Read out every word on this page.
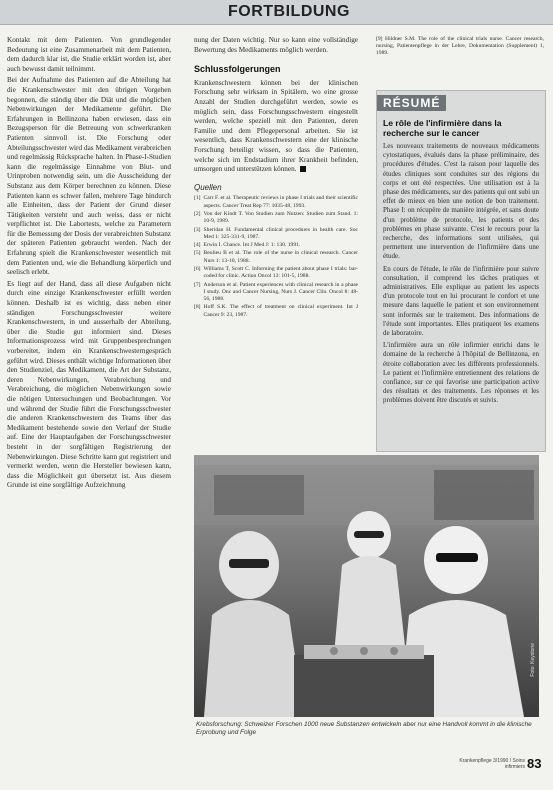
FORTBILDUNG

Kontakt mit dem Patienten. Von grundlegender Bedeutung ist eine Zusammenarbeit mit dem Patienten, dem dadurch klar ist, die Studie erklärt worden ist, aber auch bewusst damit teilnimmt.

Bei der Aufnahme des Patienten auf die Abteilung hat die Krankenschwester mit den übrigen Vorgehen begonnen, die ständig über die Diät und die möglichen Nebenwirkungen der Medikamente geführt. Die Erfahrungen in Bellinzona haben erwiesen, dass ein Bezugsperson für die Betreuung von schwerkranken Patienten sinnvoll ist. Die Forschung oder Abteilungsschwester wird das Medikament verabreichen und regelmässig Rücksprache halten. In Phase-I-Studien kann die regelmässige Einnahme von Blut- und Urinproben notwendig sein, um die Ausscheidung der Substanz aus dem Körper berechnen zu können. Diese Patienten kann es schwer fallen, mehrere Tage hindurch alle Einheiten, dass der Patient der Grund dieser Tätigkeiten versteht und auch weiss, dass er nicht verpflichtet ist. Die Labortests, welche zu Parametern für die Bemessung der Dosis der verabreichten Substanz der späteren Patienten gebraucht werden. Nach der Erfahrung spielt die Krankenschwester wesentlich mit dem Patienten und, wie die Behandlung körperlich und seelisch erlebt.

Es liegt auf der Hand, dass all diese Aufgaben nicht durch eine einzige Krankenschwester erfüllt werden können. Deshalb ist es wichtig, dass neben einer ständigen Forschungsschwester weitere Krankenschwestern, in und ausserhalb der Abteilung, über die Studie gut informiert sind. Dieses Informationsprozess wird mit Gruppenbesprechungen vorbereitet, indem ein Krankenschwesterngespräch geführt wird. Dieses enthält wichtige Informationen über den Studienziel, das Medikament, die Art der Substanz, deren Nebenwirkungen, Verabreichung und Verabreichung, die möglichen Nebenwirkungen sowie die nötigen Untersuchungen und Beobachtungen. Vor und während der Studie führt die Forschungsschwester die anderen Krankenschwestern des Teams über das Medikament bestehende sowie den Verlauf der Studie auf. Eine der Hauptaufgaben der Forschungsschwester besteht in der sorgfältigen Registrierung der Nebenwirkungen. Diese Schritte kann gut registriert und vermerkt werden, wenn die Hersteller bewiesen kann, dass die Möglichkeit gut übersetzt ist. Aus diesem Grunde ist eine sorgfältige Aufzeichnung

nung der Daten wichtig. Nur so kann eine vollständige Bewertung des Medikaments möglich werden.

Schlussfolgerungen

Krankenschwestern können bei der klinischen Forschung sehr wirksam in Spitälern, wo eine grosse Anzahl der Studien durchgeführt werden, sowie es möglich sein, dass Forschungsschwestern eingestellt werden, welche speziell mit den Patienten, deren Familie und dem Pflegepersonal arbeiten. Sie ist wesentlich, dass Krankenschwestern eine der klinische Forschung beteiligt wissen, so dass die Patienten, welche sich im Endstadium ihrer Krankheit befinden, umsorgen und unterstützen können.

Quellen
[1] Carr F. et al. Therapeutic reviews in phase I trials and their scientific aspects. Cancer Treat Rep 77: 1035-48, 1993.
[2] Von der Kindt T. Von Studien zum Nutzen: Studien zum Stand. 1: 10-9, 1989.
[3] Sheridan H. Fundamental clinical procedures in health care. Soc Med 1: 325-331-9, 1987.
[4] Erwin I. Chance. Int J Med J: 1: 130. 1991.
[5] Beulieu B et al. The role of the nurse in clinical research. Cancer Nurs 1: 13-10, 1988.
[6] Williams T, Scott C. Informing the patient about phase I trials: bar-coded for clinic. Action Oncol 13: 101-5, 1988.
[7] Anderson et al. Patient experiences with clinical research in a phase I study. Onc and Cancer Nursing, Nurs J. Cancer Clin. Oncol 8: 48-56, 1988.
[8] Hoff S.K. The effect of treatment on clinical experiment. Int J Cancer 9: 23, 1987.

[9] Hildner S.M. The role of the clinical trials nurse. Cancer research, nursing, Patientenpflege in der Lehre, Dokumentation (Supplement) 1, 1989.

RÉSUMÉ
Le rôle de l'infirmière dans la recherche sur le cancer

Les nouveaux traitements de nouveaux médicaments cytostatiques, évalués dans la phase préliminaire, des procédures d'études. C'est la raison pour laquelle des études cliniques sont conduites sur des régions du corps et ont été respectées. Une utilisation est à la phase des médicaments, sur des patients qui ont subi un effet de mieux en bien une notion de bon traitement. Phase I: on récupère de manière intégrée, et sans doute d'un problème de protocole, les patients et des problèmes en phase suivante. C'est le recours pour la recherche, des informations sont utilisées, qui permettent une intervention de l'infirmière dans une étude.

En cours de l'étude, le rôle de l'infirmière pour suivre consultation, il comprend les tâches pratiques et administratives. Elle explique au patient les aspects d'un protocole tout en lui procurant le confort et une mesure dans laquelle le patient et son environnement sont informés sur le traitement. Des informations de l'étude sont importantes. Elles pratiquent les examens de laboratoire.

L'infirmière aura un rôle infirmier enrichi dans le domaine de la recherche à l'hôpital de Bellinzona, en étroite collaboration avec les différents professionnels. Le patient et l'infirmière entretiennent des relations de confiance, sur ce qui favorise une participation active des résultats et des traitements. Les réponses et les problèmes doivent être discutés et suivis.

Foto: Keystone
Krebsforschung: Schweizer Forschen 1000 neue Substanzen entwickeln aber nur eine Handvoll kommt in die klinische Erprobung und Folge
Krankenpflege 3/1990 / Soins infirmiers 83
